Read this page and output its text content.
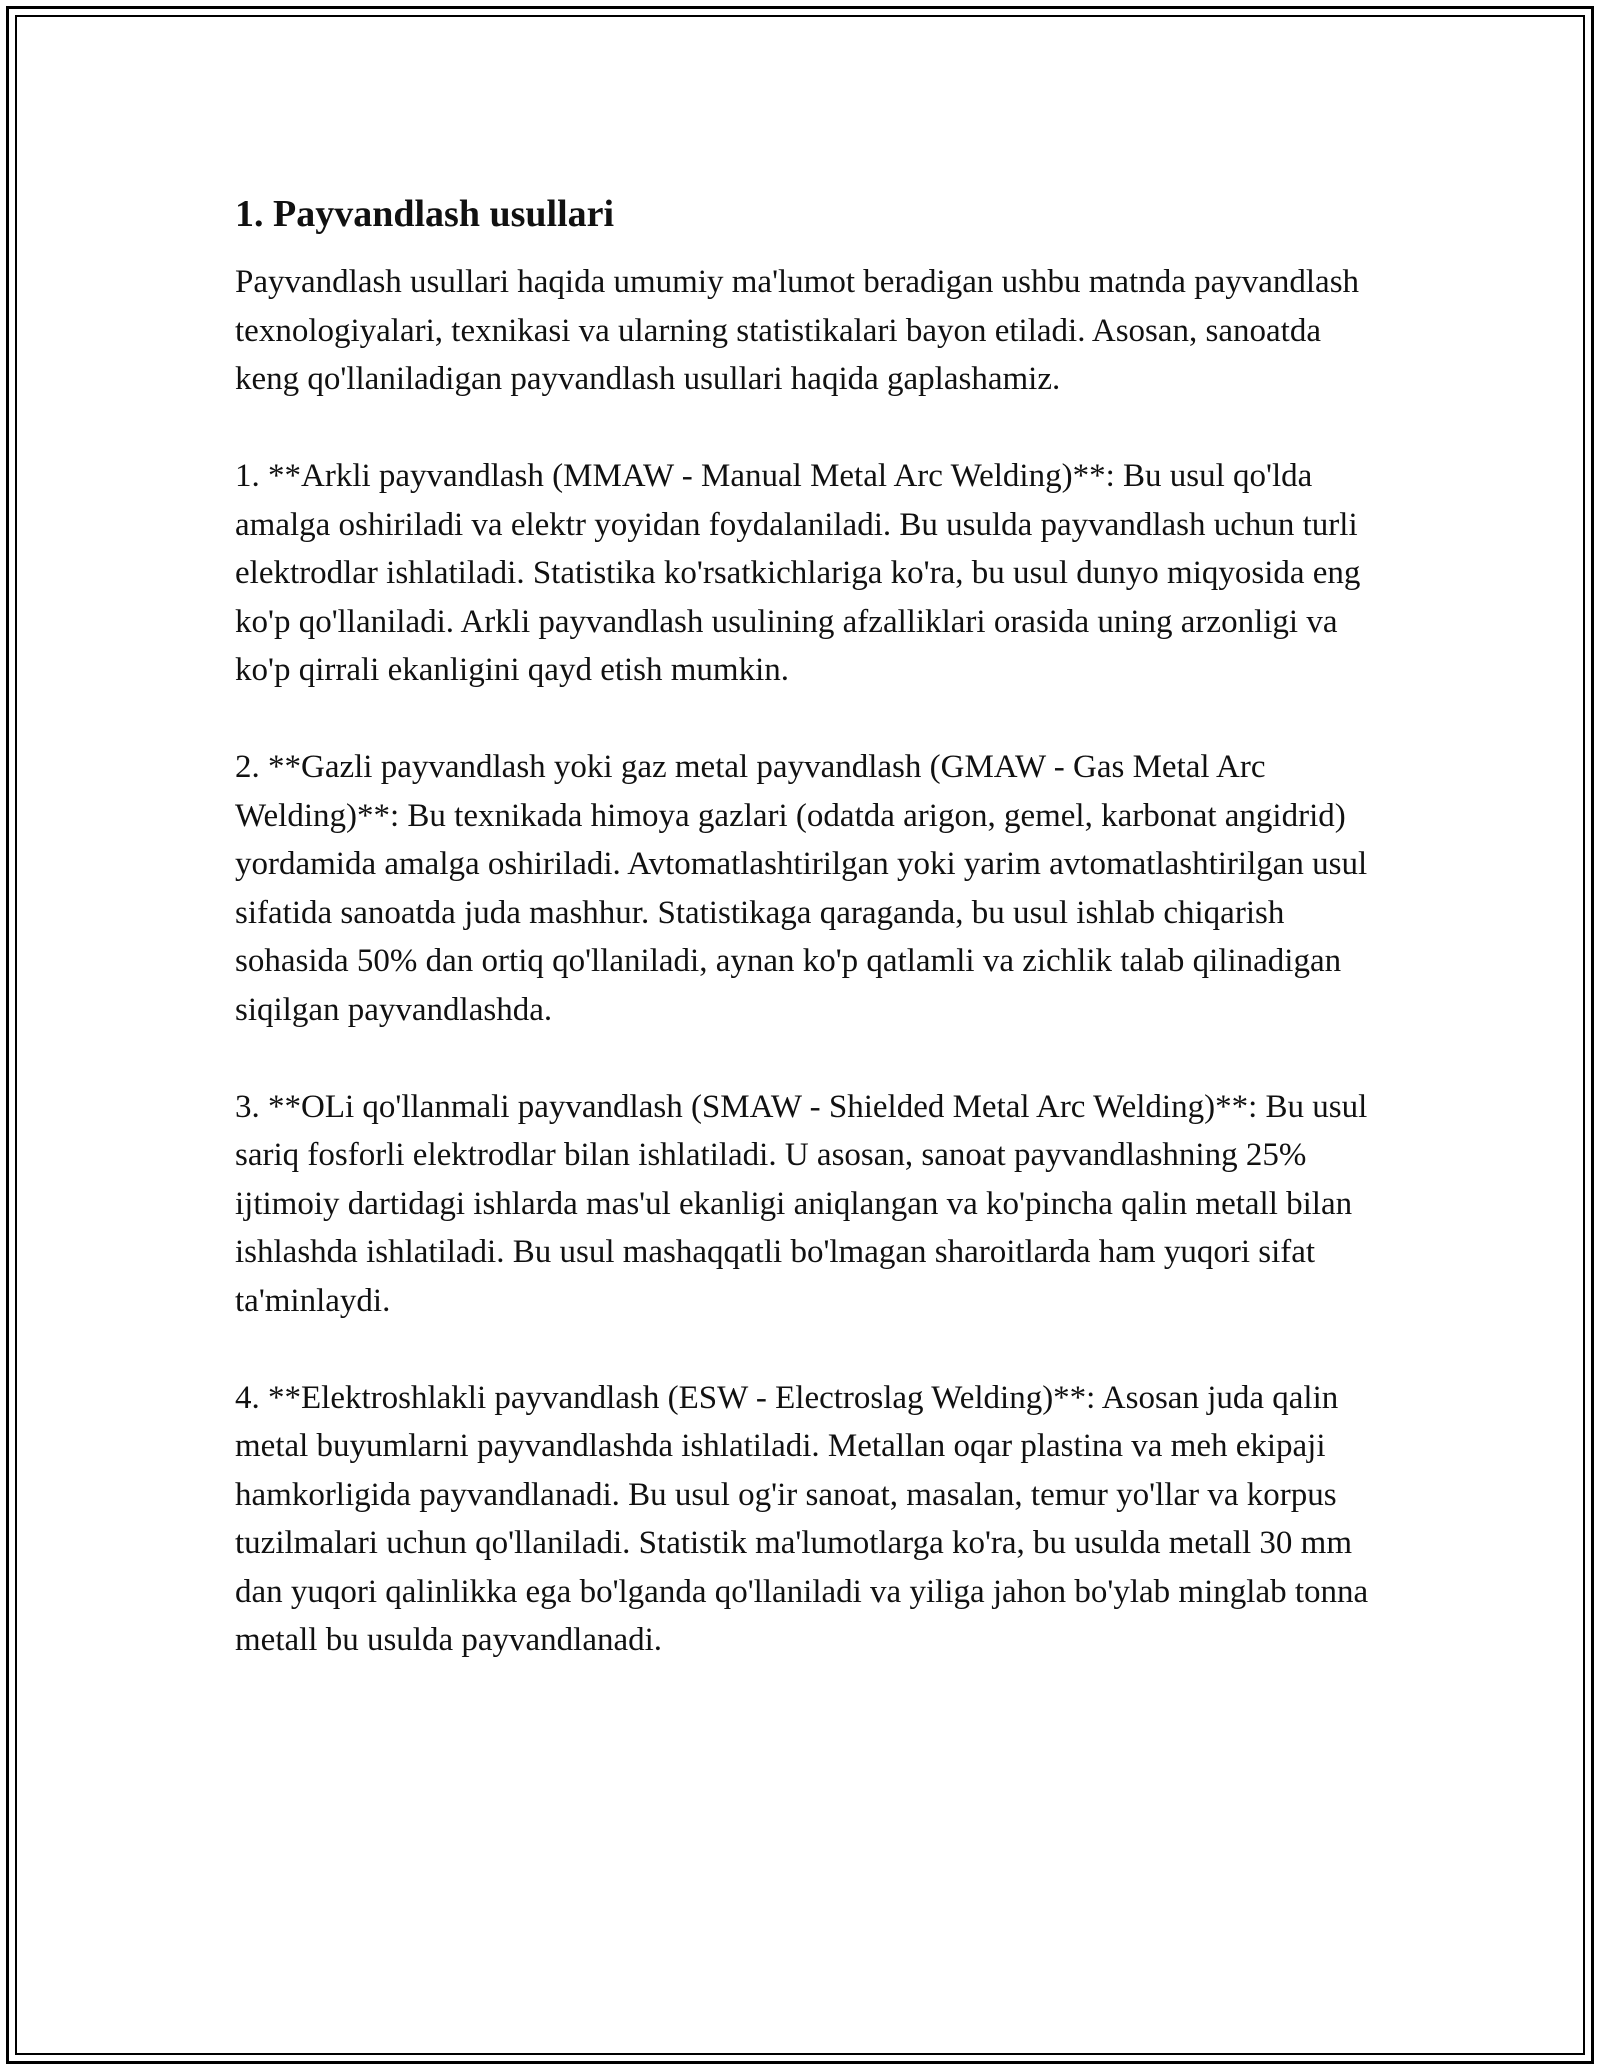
1. Payvandlash usullari

Payvandlash usullari haqida umumiy ma'lumot beradigan ushbu matnda payvandlash texnologiyalari, texnikasi va ularning statistikalari bayon etiladi. Asosan, sanoatda keng qo'llaniladigan payvandlash usullari haqida gaplashamiz.

1. **Arkli payvandlash (MMAW - Manual Metal Arc Welding)**: Bu usul qo'lda amalga oshiriladi va elektr yoyidan foydalaniladi. Bu usulda payvandlash uchun turli elektrodlar ishlatiladi. Statistika ko'rsatkichlariga ko'ra, bu usul dunyo miqyosida eng ko'p qo'llaniladi. Arkli payvandlash usulining afzalliklari orasida uning arzonligi va ko'p qirrali ekanligini qayd etish mumkin.

2. **Gazli payvandlash yoki gaz metal payvandlash (GMAW - Gas Metal Arc Welding)**: Bu texnikada himoya gazlari (odatda arigon, gemel, karbonat angidrid) yordamida amalga oshiriladi. Avtomatlashtirilgan yoki yarim avtomatlashtirilgan usul sifatida sanoatda juda mashhur. Statistikaga qaraganda, bu usul ishlab chiqarish sohasida 50% dan ortiq qo'llaniladi, aynan ko'p qatlamli va zichlik talab qilinadigan siqilgan payvandlashda.

3. **OLi qo'llanmali payvandlash (SMAW - Shielded Metal Arc Welding)**: Bu usul sariq fosforli elektrodlar bilan ishlatiladi. U asosan, sanoat payvandlashning 25% ijtimoiy dartidagi ishlarda mas'ul ekanligi aniqlangan va ko'pincha qalin metall bilan ishlashda ishlatiladi. Bu usul mashaqqatli bo'lmagan sharoitlarda ham yuqori sifat ta'minlaydi.

4. **Elektroshlakli payvandlash (ESW - Electroslag Welding)**: Asosan juda qalin metal buyumlarni payvandlashda ishlatiladi. Metallan oqar plastina va meh ekipaji hamkorligida payvandlanadi. Bu usul og'ir sanoat, masalan, temur yo'llar va korpus tuzilmalari uchun qo'llaniladi. Statistik ma'lumotlarga ko'ra, bu usulda metall 30 mm dan yuqori qalinlikka ega bo'lganda qo'llaniladi va yiliga jahon bo'ylab minglab tonna metall bu usulda payvandlanadi.
